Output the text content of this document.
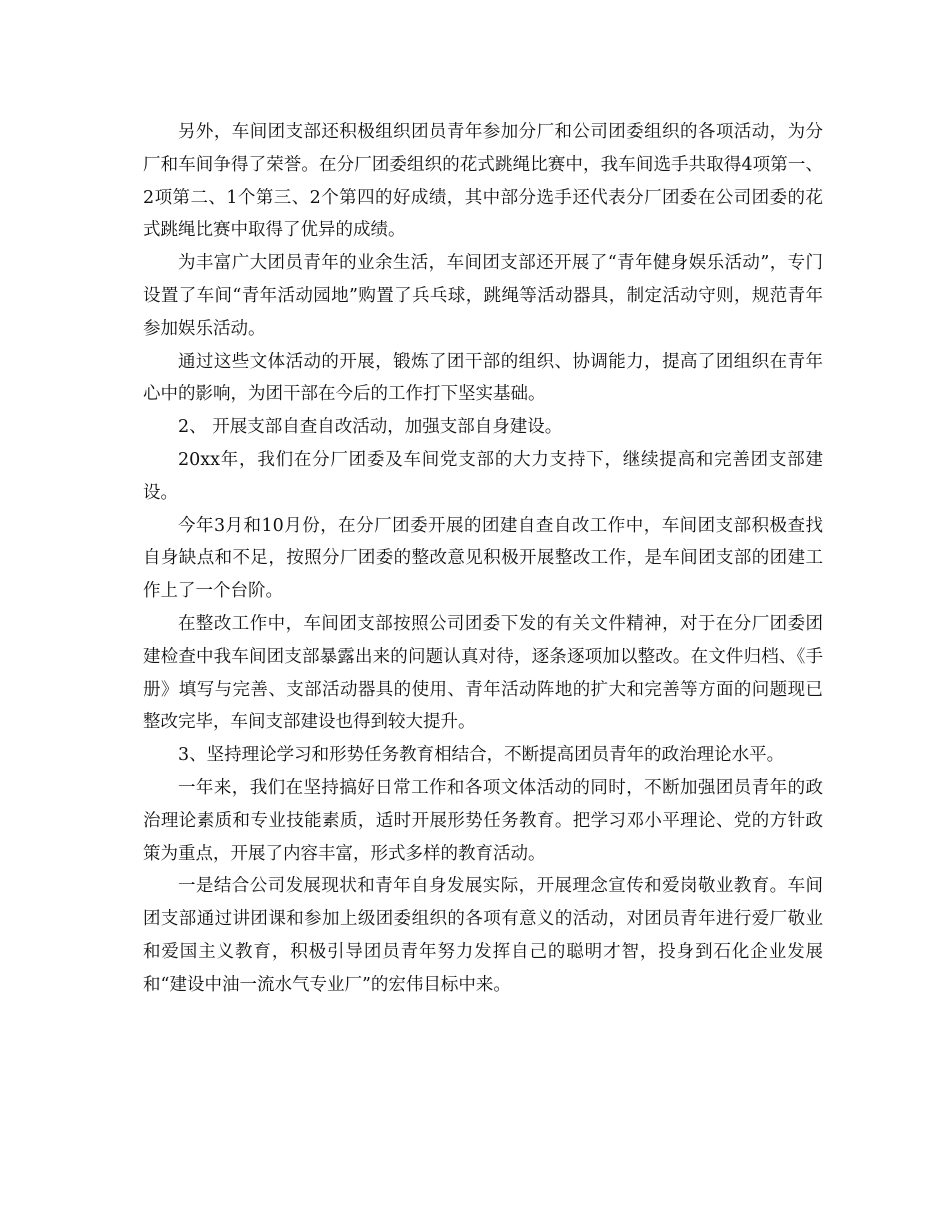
另外，车间团支部还积极组织团员青年参加分厂和公司团委组织的各项活动，为分厂和车间争得了荣誉。在分厂团委组织的花式跳绳比赛中，我车间选手共取得4项第一、2项第二、1个第三、2个第四的好成绩，其中部分选手还代表分厂团委在公司团委的花式跳绳比赛中取得了优异的成绩。

为丰富广大团员青年的业余生活，车间团支部还开展了“青年健身娱乐活动”，专门设置了车间“青年活动园地”购置了兵乓球，跳绳等活动器具，制定活动守则，规范青年参加娱乐活动。

通过这些文体活动的开展，锻炼了团干部的组织、协调能力，提高了团组织在青年心中的影响，为团干部在今后的工作打下坚实基础。

2、 开展支部自查自改活动，加强支部自身建设。

20xx年，我们在分厂团委及车间党支部的大力支持下，继续提高和完善团支部建设。

今年3月和10月份，在分厂团委开展的团建自查自改工作中，车间团支部积极查找自身缺点和不足，按照分厂团委的整改意见积极开展整改工作，是车间团支部的团建工作上了一个台阶。

在整改工作中，车间团支部按照公司团委下发的有关文件精神，对于在分厂团委团建检查中我车间团支部暴露出来的问题认真对待，逐条逐项加以整改。在文件归档、《手册》填写与完善、支部活动器具的使用、青年活动阵地的扩大和完善等方面的问题现已整改完毕，车间支部建设也得到较大提升。

3、坚持理论学习和形势任务教育相结合，不断提高团员青年的政治理论水平。

一年来，我们在坚持搞好日常工作和各项文体活动的同时，不断加强团员青年的政治理论素质和专业技能素质，适时开展形势任务教育。把学习邓小平理论、党的方针政策为重点，开展了内容丰富，形式多样的教育活动。

一是结合公司发展现状和青年自身发展实际，开展理念宣传和爱岗敬业教育。车间团支部通过讲团课和参加上级团委组织的各项有意义的活动，对团员青年进行爱厂敬业和爱国主义教育，积极引导团员青年努力发挥自己的聪明才智，投身到石化企业发展和“建设中油一流水气专业厂”的宏伟目标中来。
